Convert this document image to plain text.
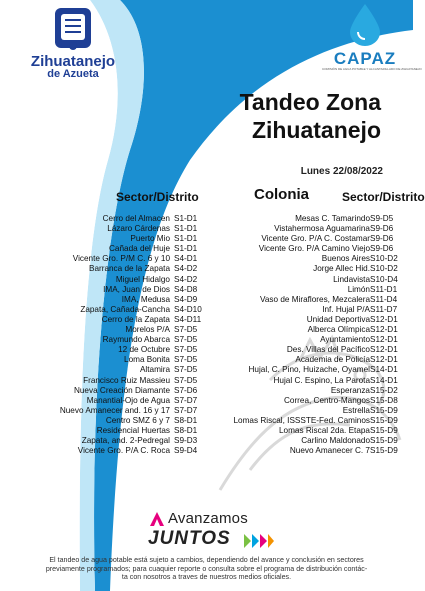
Zihuatanejo
de Azueta
CAPAZ
COMISIÓN DE AGUA POTABLE Y ALCANTARILLADO DE ZIHUATANEJO
Tandeo Zona
Zihuatanejo
Lunes 22/08/2022
Sector/Distrito	Colonia	Sector/Distrito
Cerro del Almacen
Lázaro Cárdenas
Puerto Mio
Cañada del Huje
Vicente Gro. P/M C. 6 y 10
Barranca de la Zapata
Miguel Hidalgo
IMA, Juan de Dios
IMA, Medusa
Zapata, Cañada-Cancha
Cerro de la Zapata
Morelos P/A
Raymundo Abarca
12 de Octubre
Loma Bonita
Altamira
Francisco Ruiz Massieu
Nueva Creación Diamante
Manantial-Ojo de Agua
Nuevo Amanecer and. 16 y 17
Centro SMZ 6 y 7
Residencial Huertas
Zapata, and. 2-Pedregal
Vicente Gro. P/A C. Roca
S1-D1
S1-D1
S1-D1
S1-D1
S4-D1
S4-D2
S4-D2
S4-D8
S4-D9
S4-D10
S4-D11
S7-D5
S7-D5
S7-D5
S7-D5
S7-D5
S7-D5
S7-D6
S7-D7
S7-D7
S8-D1
S8-D1
S9-D3
S9-D4
Mesas C. Tamarindo
Vistahermosa Aguamarina
Vicente Gro. P/A C. Costamar
Vicente Gro. P/A Camino Viejo
Buenos Aires
Jorge Allec Hid.
Lindavista
Limón
Vaso de Miraflores, Mezcalera
Inf. Hujal P/A
Unidad Deportiva
Alberca Olímpica
Ayuntamiento
Des. Villas del Pacífico
Academia de Policía
Hujal, C. Pino, Huizache, Oyamel
Hujal C. Espino, La Parota
Esperanza
Correa, Centro-Mangos
Estrella
Lomas Riscal, ISSSTE-Fed. Caminos
Lomas Riscal 2da. Etapa
Carlino Maldonado
Nuevo Amanecer C. 7
S9-D5
S9-D6
S9-D6
S9-D6
S10-D2
S10-D2
S10-D4
S11-D1
S11-D4
S11-D7
S12-D1
S12-D1
S12-D1
S12-D1
S12-D1
S14-D1
S14-D1
S15-D2
S15-D8
S15-D9
S15-D9
S15-D9
S15-D9
S15-D9
Avanzamos
JUNTOS
El tandeo de agua potable está sujeto a cambios, dependiendo del avance y conclusión en sectores
previamente programados; para cuaquier reporte o consulta sobre el programa de distribución contác-
ta con nosotros a traves de nuestros medios oficiales.
